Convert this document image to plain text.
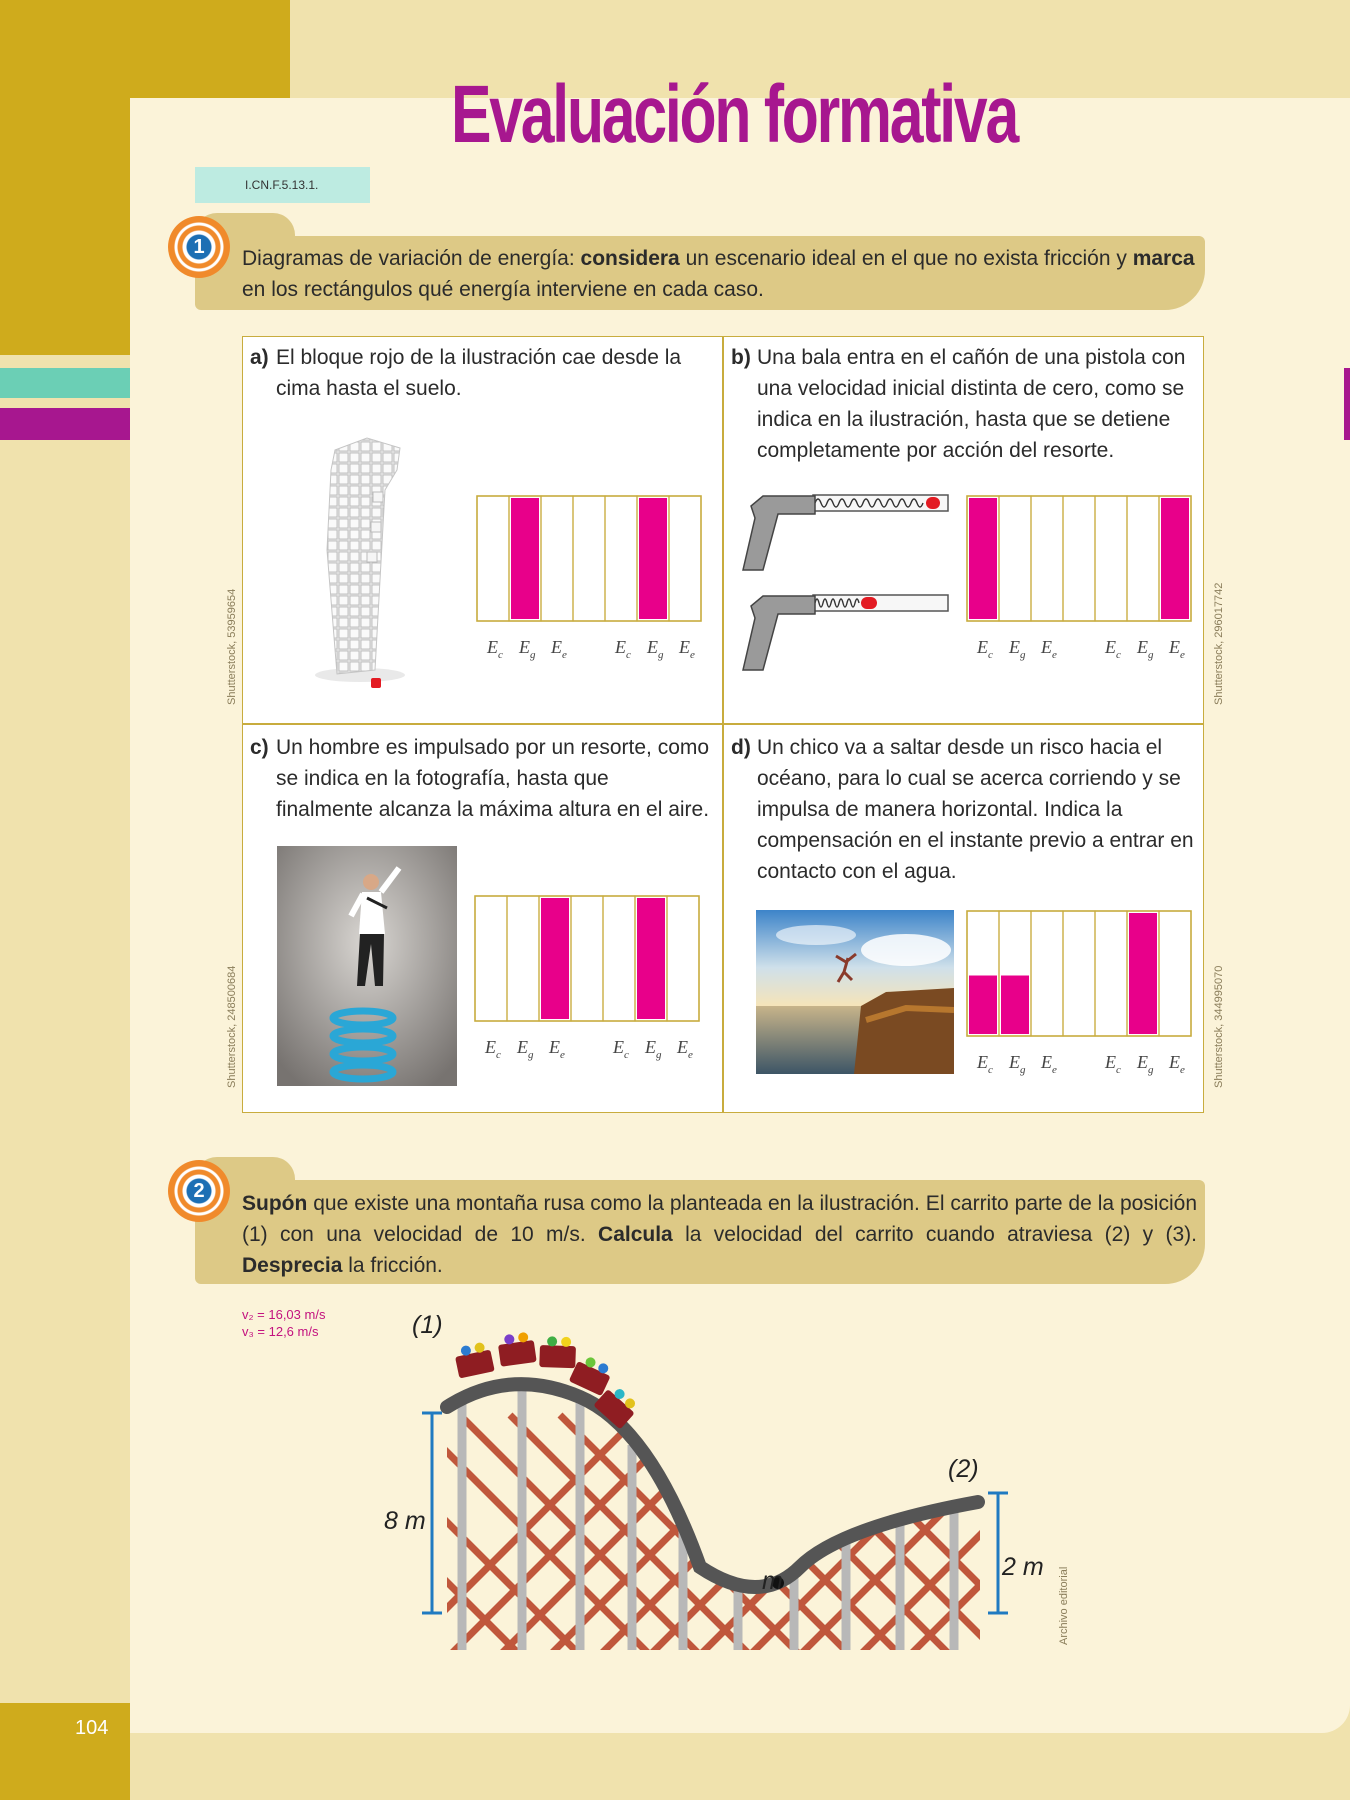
Evaluación formativa
I.CN.F.5.13.1.
1	Diagramas de variación de energía: considera un escenario ideal en el que no exista fricción y marca en los rectángulos qué energía interviene en cada caso.

a) El bloque rojo de la ilustración cae desde la cima hasta el suelo.
$E_c$ $E_g$ $E_e$	$E_c$ $E_g$ $E_e$
Shutterstock, 53959654
b) Una bala entra en el cañón de una pistola con una velocidad inicial distinta de cero, como se indica en la ilustración, hasta que se detiene completamente por acción del resorte.
$E_c$ $E_g$ $E_e$	$E_c$ $E_g$ $E_e$	Shutterstock, 296017742
c) Un hombre es impulsado por un resorte, como se indica en la fotografía, hasta que finalmente alcanza la máxima altura en el aire.
$E_c$ $E_g$ $E_e$	$E_c$ $E_g$ $E_e$
Shutterstock, 248500684
d) Un chico va a saltar desde un risco hacia el océano, para lo cual se acerca corriendo y se impulsa de manera horizontal. Indica la compensación en el instante previo a entrar en contacto con el agua.
$E_c$ $E_g$ $E_e$	$E_c$ $E_g$ $E_e$	Shutterstock, 344995070
2

Supón que existe una montaña rusa como la planteada en la ilustración. El carrito parte de la posición (1) con una velocidad de 10 m/s. Calcula la velocidad del carrito cuando atraviesa (2) y (3). Desprecia la fricción.

v₂ = 16,03 m/s
v₃ = 12,6 m/s	(1)
(2)
m
8 m
2 m Archivo editorial
104
